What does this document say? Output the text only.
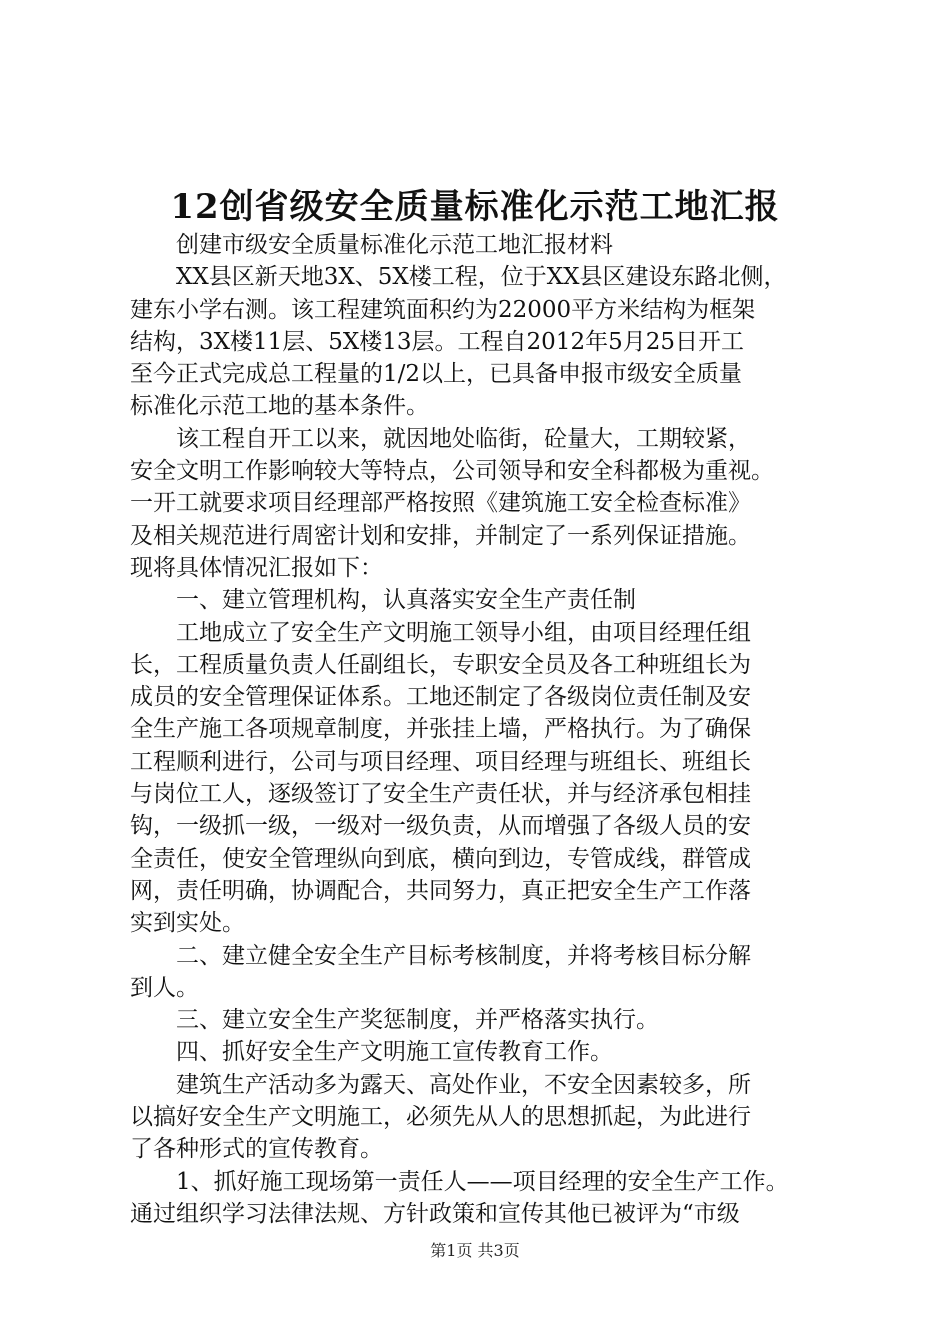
12创省级安全质量标准化示范工地汇报
　　创建市级安全质量标准化示范工地汇报材料
　　XX县区新天地3X、5X楼工程，位于XX县区建设东路北侧，
建东小学右测。该工程建筑面积约为22000平方米结构为框架
结构，3X楼11层、5X楼13层。工程自2012年5月25日开工
至今正式完成总工程量的1/2以上，已具备申报市级安全质量
标准化示范工地的基本条件。
　　该工程自开工以来，就因地处临街，砼量大，工期较紧，
安全文明工作影响较大等特点，公司领导和安全科都极为重视。
一开工就要求项目经理部严格按照《建筑施工安全检查标准》
及相关规范进行周密计划和安排，并制定了一系列保证措施。
现将具体情况汇报如下：
　　一、建立管理机构，认真落实安全生产责任制
　　工地成立了安全生产文明施工领导小组，由项目经理任组
长，工程质量负责人任副组长，专职安全员及各工种班组长为
成员的安全管理保证体系。工地还制定了各级岗位责任制及安
全生产施工各项规章制度，并张挂上墙，严格执行。为了确保
工程顺利进行，公司与项目经理、项目经理与班组长、班组长
与岗位工人，逐级签订了安全生产责任状，并与经济承包相挂
钩，一级抓一级，一级对一级负责，从而增强了各级人员的安
全责任，使安全管理纵向到底，横向到边，专管成线，群管成
网，责任明确，协调配合，共同努力，真正把安全生产工作落
实到实处。
　　二、建立健全安全生产目标考核制度，并将考核目标分解
到人。
　　三、建立安全生产奖惩制度，并严格落实执行。
　　四、抓好安全生产文明施工宣传教育工作。
　　建筑生产活动多为露天、高处作业，不安全因素较多，所
以搞好安全生产文明施工，必须先从人的思想抓起，为此进行
了各种形式的宣传教育。
　　1、抓好施工现场第一责任人——项目经理的安全生产工作。
通过组织学习法律法规、方针政策和宣传其他已被评为“市级
第1页 共3页
